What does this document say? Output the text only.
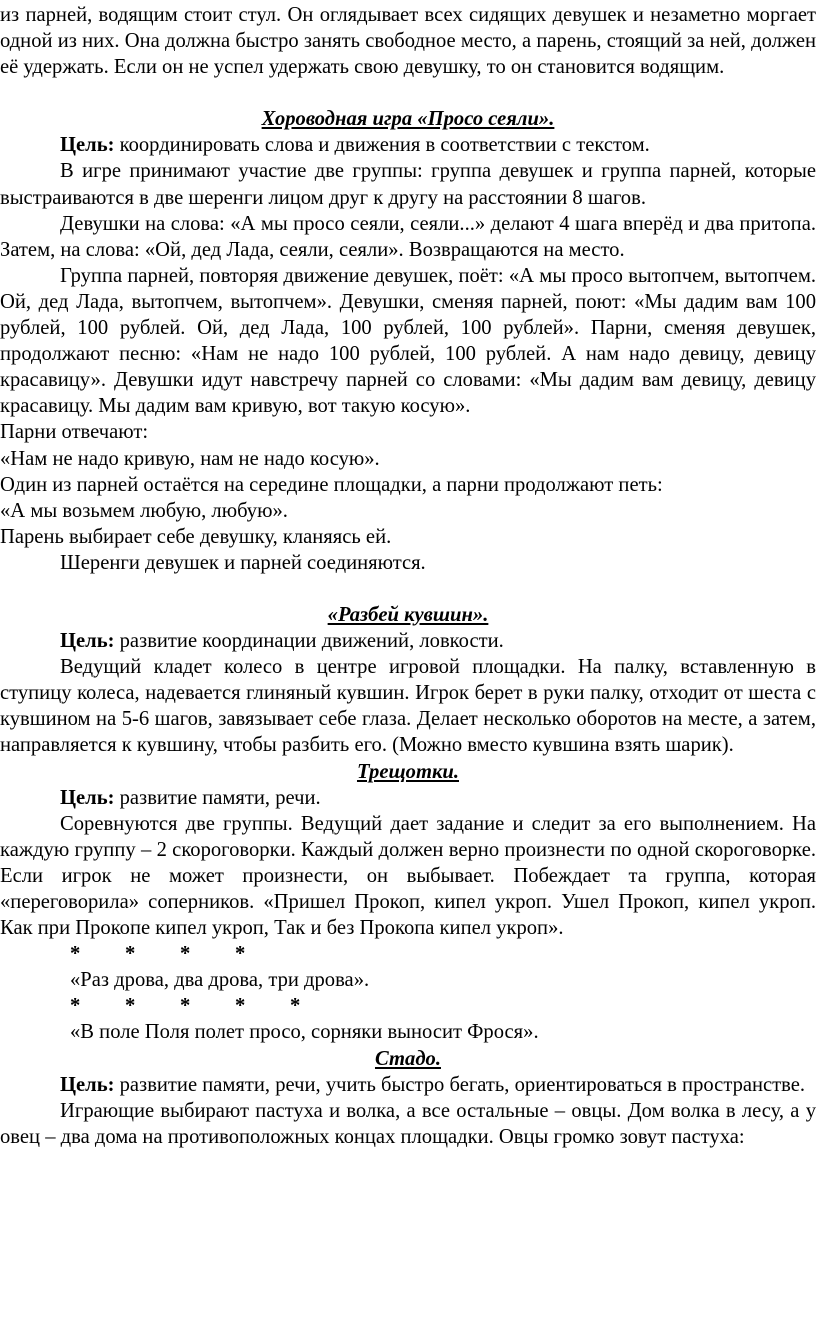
из парней, водящим стоит стул. Он оглядывает всех сидящих девушек и незаметно моргает одной из них. Она должна быстро занять свободное место, а парень, стоящий за ней, должен её удержать. Если он не успел удержать свою девушку, то он становится водящим.

Хороводная игра «Просо сеяли».

Цель: координировать слова и движения в соответствии с текстом.

В игре принимают участие две группы: группа девушек и группа парней, которые выстраиваются в две шеренги лицом друг к другу на расстоянии 8 шагов.

Девушки на слова: «А мы просо сеяли, сеяли...» делают 4 шага вперёд и два притопа. Затем, на слова: «Ой, дед Лада, сеяли, сеяли». Возвращаются на место.

Группа парней, повторяя движение девушек, поёт: «А мы просо вытопчем, вытопчем. Ой, дед Лада, вытопчем, вытопчем». Девушки, сменяя парней, поют: «Мы дадим вам 100 рублей, 100 рублей. Ой, дед Лада, 100 рублей, 100 рублей». Парни, сменяя девушек, продолжают песню: «Нам не надо 100 рублей, 100 рублей. А нам надо девицу, девицу красавицу». Девушки идут навстречу парней со словами: «Мы дадим вам девицу, девицу красавицу. Мы дадим вам кривую, вот такую косую».

Парни отвечают:

«Нам не надо кривую, нам не надо косую».

Один из парней остаётся на середине площадки, а парни продолжают петь:

«А мы возьмем любую, любую».

Парень выбирает себе девушку, кланяясь ей.

Шеренги девушек и парней соединяются.

«Разбей кувшин».

Цель: развитие координации движений, ловкости.

Ведущий кладет колесо в центре игровой площадки. На палку, вставленную в ступицу колеса, надевается глиняный кувшин. Игрок берет в руки палку, отходит от шеста с кувшином на 5-6 шагов, завязывает себе глаза. Делает несколько оборотов на месте, а затем, направляется к кувшину, чтобы разбить его. (Можно вместо кувшина взять шарик).

Трещотки.

Цель: развитие памяти, речи.

Соревнуются две группы. Ведущий дает задание и следит за его выполнением. На каждую группу – 2 скороговорки. Каждый должен верно произнести по одной скороговорке. Если игрок не может произнести, он выбывает. Побеждает та группа, которая «переговорила» соперников. «Пришел Прокоп, кипел укроп. Ушел Прокоп, кипел укроп. Как при Прокопе кипел укроп, Так и без Прокопа кипел укроп».

* * * *

«Раз дрова, два дрова, три дрова».

* * * * *

«В поле Поля полет просо, сорняки выносит Фрося».

Стадо.

Цель: развитие памяти, речи, учить быстро бегать, ориентироваться в пространстве.

Играющие выбирают пастуха и волка, а все остальные – овцы. Дом волка в лесу, а у овец – два дома на противоположных концах площадки. Овцы громко зовут пастуха:
